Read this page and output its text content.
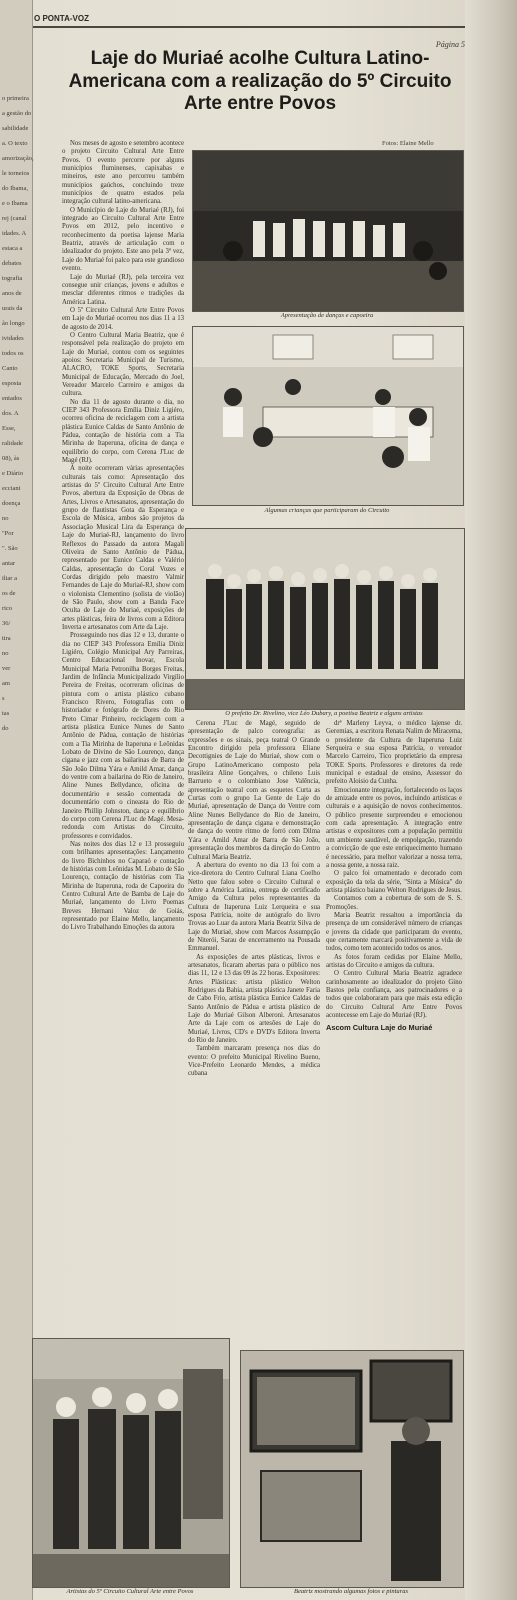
o primeira
a gestão do
sabilidade
a. O texto
amorização,
le torneios
do Ibama,
e o Ibama
rej (canal
idades. A
estaca a
debates
tografia
anos de
urais da
ão longo
ividades
todos os
Canto
esposta
entados
dos. A
Esse,
ralidade
08), às
e Diário
ecciani
doença
no
"Por
". São
antar
iliar a
os de
rico
36/
tira
no
ver
am
s
tas
do
O PONTA-VOZ
Página 5
Laje do Muriaé acolhe Cultura Latino-Americana com a realização do 5º Circuito Arte entre Povos

Nos meses de agosto e setembro acontece o projeto Circuito Cultural Arte Entre Povos. O evento percorre por alguns municípios fluminenses, capixabas e mineiros, este ano percorreu também municípios gaúchos, concluindo treze municípios de quatro estados pela integração cultural latino-americana.

O Município de Laje do Muriaé (RJ), foi integrado ao Circuito Cultural Arte Entre Povos em 2012, pelo incentivo e reconhecimento da poetisa lajense Maria Beatriz, através de articulação com o idealizador do projeto. Este ano pela 3ª vez, Laje do Muriaé foi palco para este grandioso evento.

Laje do Muriaé (RJ), pela terceira vez consegue unir crianças, jovens e adultos e mesclar diferentes ritmos e tradições da América Latina.

O 5º Circuito Cultural Arte Entre Povos em Laje do Muriaé ocorreu nos dias 11 a 13 de agosto de 2014.

O Centro Cultural Maria Beatriz, que é responsável pela realização do projeto em Laje do Muriaé, contou com os seguintes apoios: Secretaria Municipal de Turismo, ALACRO, TOKE Sports, Secretaria Municipal de Educação, Mercado do Joel, Vereador Marcelo Carreiro e amigos da cultura.

No dia 11 de agosto durante o dia, no CIEP 343 Professora Emília Diniz Ligiéro, ocorreu oficina de reciclagem com a artista plástica Eunice Caldas de Santo Antônio de Pádua, contação de história com a Tia Mirinha de Itaperuna, oficina de dança e equilíbrio do corpo, com Cerena J'Luc de Magé (RJ).

À noite ocorreram várias apresentações culturais tais como: Apresentação dos artistas do 5º Circuito Cultural Arte Entre Povos, abertura da Exposição de Obras de Artes, Livros e Artesanatos, apresentação do grupo de flautistas Gota da Esperança e Escola de Música, ambos são projetos da Associação Musical Lira da Esperança de Laje do Muriaé-RJ, lançamento do livro Reflexos do Passado da autora Magali Oliveira de Santo Antônio de Pádua, representado por Eunice Caldas e Valério Caldas, apresentação do Coral Vozes e Cordas dirigido pelo maestro Valmir Fernandes de Laje do Muriaé-RJ, show com o violonista Clementino (solista de violão) de São Paulo, show com a Banda Face Oculta de Laje do Muriaé, exposições de artes plásticas, feira de livros com a Editora Inverta e artesanatos com Arte da Laje.

Prosseguindo nos dias 12 e 13, durante o dia no CIEP 343 Professora Emília Diniz Ligiéro, Colégio Municipal Ary Parreiras, Centro Educacional Inovar, Escola Municipal Maria Petronilha Borges Freitas, Jardim de Infância Municipalizado Virgílio Pereira de Freitas, ocorreram oficinas de pintura com o artista plástico cubano Francisco Rivero, Fotografias com o historiador e fotógrafo de Dores do Rio Preto Cimar Pinheiro, reciclagem com a artista plástica Eunice Nunes de Santo Antônio de Pádua, contação de histórias com a Tia Mirinha de Itaperuna e Leônidas Lobato de Divino de São Lourenço, dança cigana e jazz com as bailarinas de Barra de São João Dilma Yára e Amild Amar, dança do ventre com a bailarina do Rio de Janeiro, Aline Nunes Bellydance, oficina de documentário e sessão comentada de documentário com o cineasta do Rio de Janeiro Phillip Johnston, dança e equilíbrio do corpo com Cerena J'Luc de Magé. Mesa-redonda com Artistas do Circuito, professores e convidados.

Nas noites dos dias 12 e 13 prosseguiu com brilhantes apresentações: Lançamento do livro Bichinhos no Caparaó e contação de histórias com Leônidas M. Lobato de São Lourenço, contação de histórias com Tia Mirinha de Itaperuna, roda de Capoeira do Centro Cultural Arte de Bamba de Laje do Muriaé, lançamento do Livro Poemas Breves Hernani Valoz de Goiás, representado por Elaine Mello, lançamento do Livro Trabalhando Emoções da autora

Fotos: Elaine Mello
Apresentação de danças e capoeira
Algumas crianças que participaram do Circuito
O prefeito Dr. Rivelino, vice Léo Dubary, a poetisa Beatriz e alguns artistas

Cerena J'Luc de Magé, seguido de apresentação de palco coreografia: as expressões e os sinais, peça teatral O Grande Encontro dirigido pela professora Eliane Decottignies de Laje do Muriaé, show com o Grupo LatinoAmericano composto pela brasileira Aline Gonçalves, o chileno Luis Barrueto e o colombiano Jose Valência, apresentação teatral com as esquetes Curta as Curtas com o grupo La Gente de Laje do Muriaé, apresentação de Dança do Ventre com Aline Nunes Bellydance do Rio de Janeiro, apresentação de dança cigana e demonstração de dança do ventre ritmo de forró com Dilma Yára e Amild Amar de Barra de São João, apresentação dos membros da direção do Centro Cultural Maria Beatriz.

A abertura do evento no dia 13 foi com a vice-diretora do Centro Cultural Liana Coelho Netto que falou sobre o Circuito Cultural e sobre a América Latina, entrega de certificado Amigo da Cultura pelos representantes da Cultura de Itaperuna Luiz Lerqueira e sua esposa Patrícia, noite de autógrafo do livro Trovas ao Luar da autora Maria Beatriz Silva de Laje do Muriaé, show com Marcos Assumpção de Niterói, Sarau de encerramento na Pousada Emmanuel.

As exposições de artes plásticas, livros e artesanatos, ficaram abertas para o público nos dias 11, 12 e 13 das 09 às 22 horas. Expositores: Artes Plásticas: artista plástico Welton Rodrigues da Bahia, artista plástica Janete Faria de Cabo Frio, artista plástica Eunice Caldas de Santo Antônio de Pádua e artista plástico de Laje do Muriaé Gilson Alberoni. Artesanatos Arte da Laje com os artesões de Laje do Muriaé, Livros, CD's e DVD's Editora Inverta do Rio de Janeiro.

Também marcaram presença nos dias do evento: O prefeito Municipal Rivelino Bueno, Vice-Prefeito Leonardo Mendes, a médica cubana

drª Marleny Leyva, o médico lajense dr. Geremias, a escritora Renata Nalim de Miracema, o presidente da Cultura de Itaperuna Luiz Serqueira e sua esposa Patrícia, o vereador Marcelo Carreiro, Tico proprietário da empresa TOKE Sports. Professores e diretores da rede municipal e estadual de ensino, Assessor do prefeito Aloisio da Cunha.

Emocionante integração, fortalecendo os laços de amizade entre os povos, incluindo artísticas e culturais e a aquisição de novos conhecimentos. O público presente surpreendeu e emocionou com cada apresentação. A integração entre artistas e expositores com a população permitiu um ambiente saudável, de empolgação, trazendo a convicção de que este enriquecimento humano é necessário, para melhor valorizar a nossa terra, a nossa gente, a nossa raiz.

O palco foi ornamentado e decorado com exposição da tela da série, "Sinta a Música" do artista plástico baiano Welton Rodrigues de Jesus.

Contamos com a cobertura de som de S. S. Promoções.

Maria Beatriz ressaltou a importância da presença de um considerável número de crianças e jovens da cidade que participaram do evento, que certamente marcará positivamente a vida de todos, como tem acontecido todos os anos.

As fotos foram cedidas por Elaine Mello, artistas do Circuito e amigos da cultura.

O Centro Cultural Maria Beatriz agradece carinhosamente ao idealizador do projeto Gino Bastos pela confiança, aos patrocinadores e a todos que colaboraram para que mais esta edição do Circuito Cultural Arte Entre Povos acontecesse em Laje do Muriaé (RJ).

Ascom Cultura Laje do Muriaé

Artistas do 5º Circuito Cultural Arte entre Povos	Beatriz mostrando algumas fotos e pinturas
